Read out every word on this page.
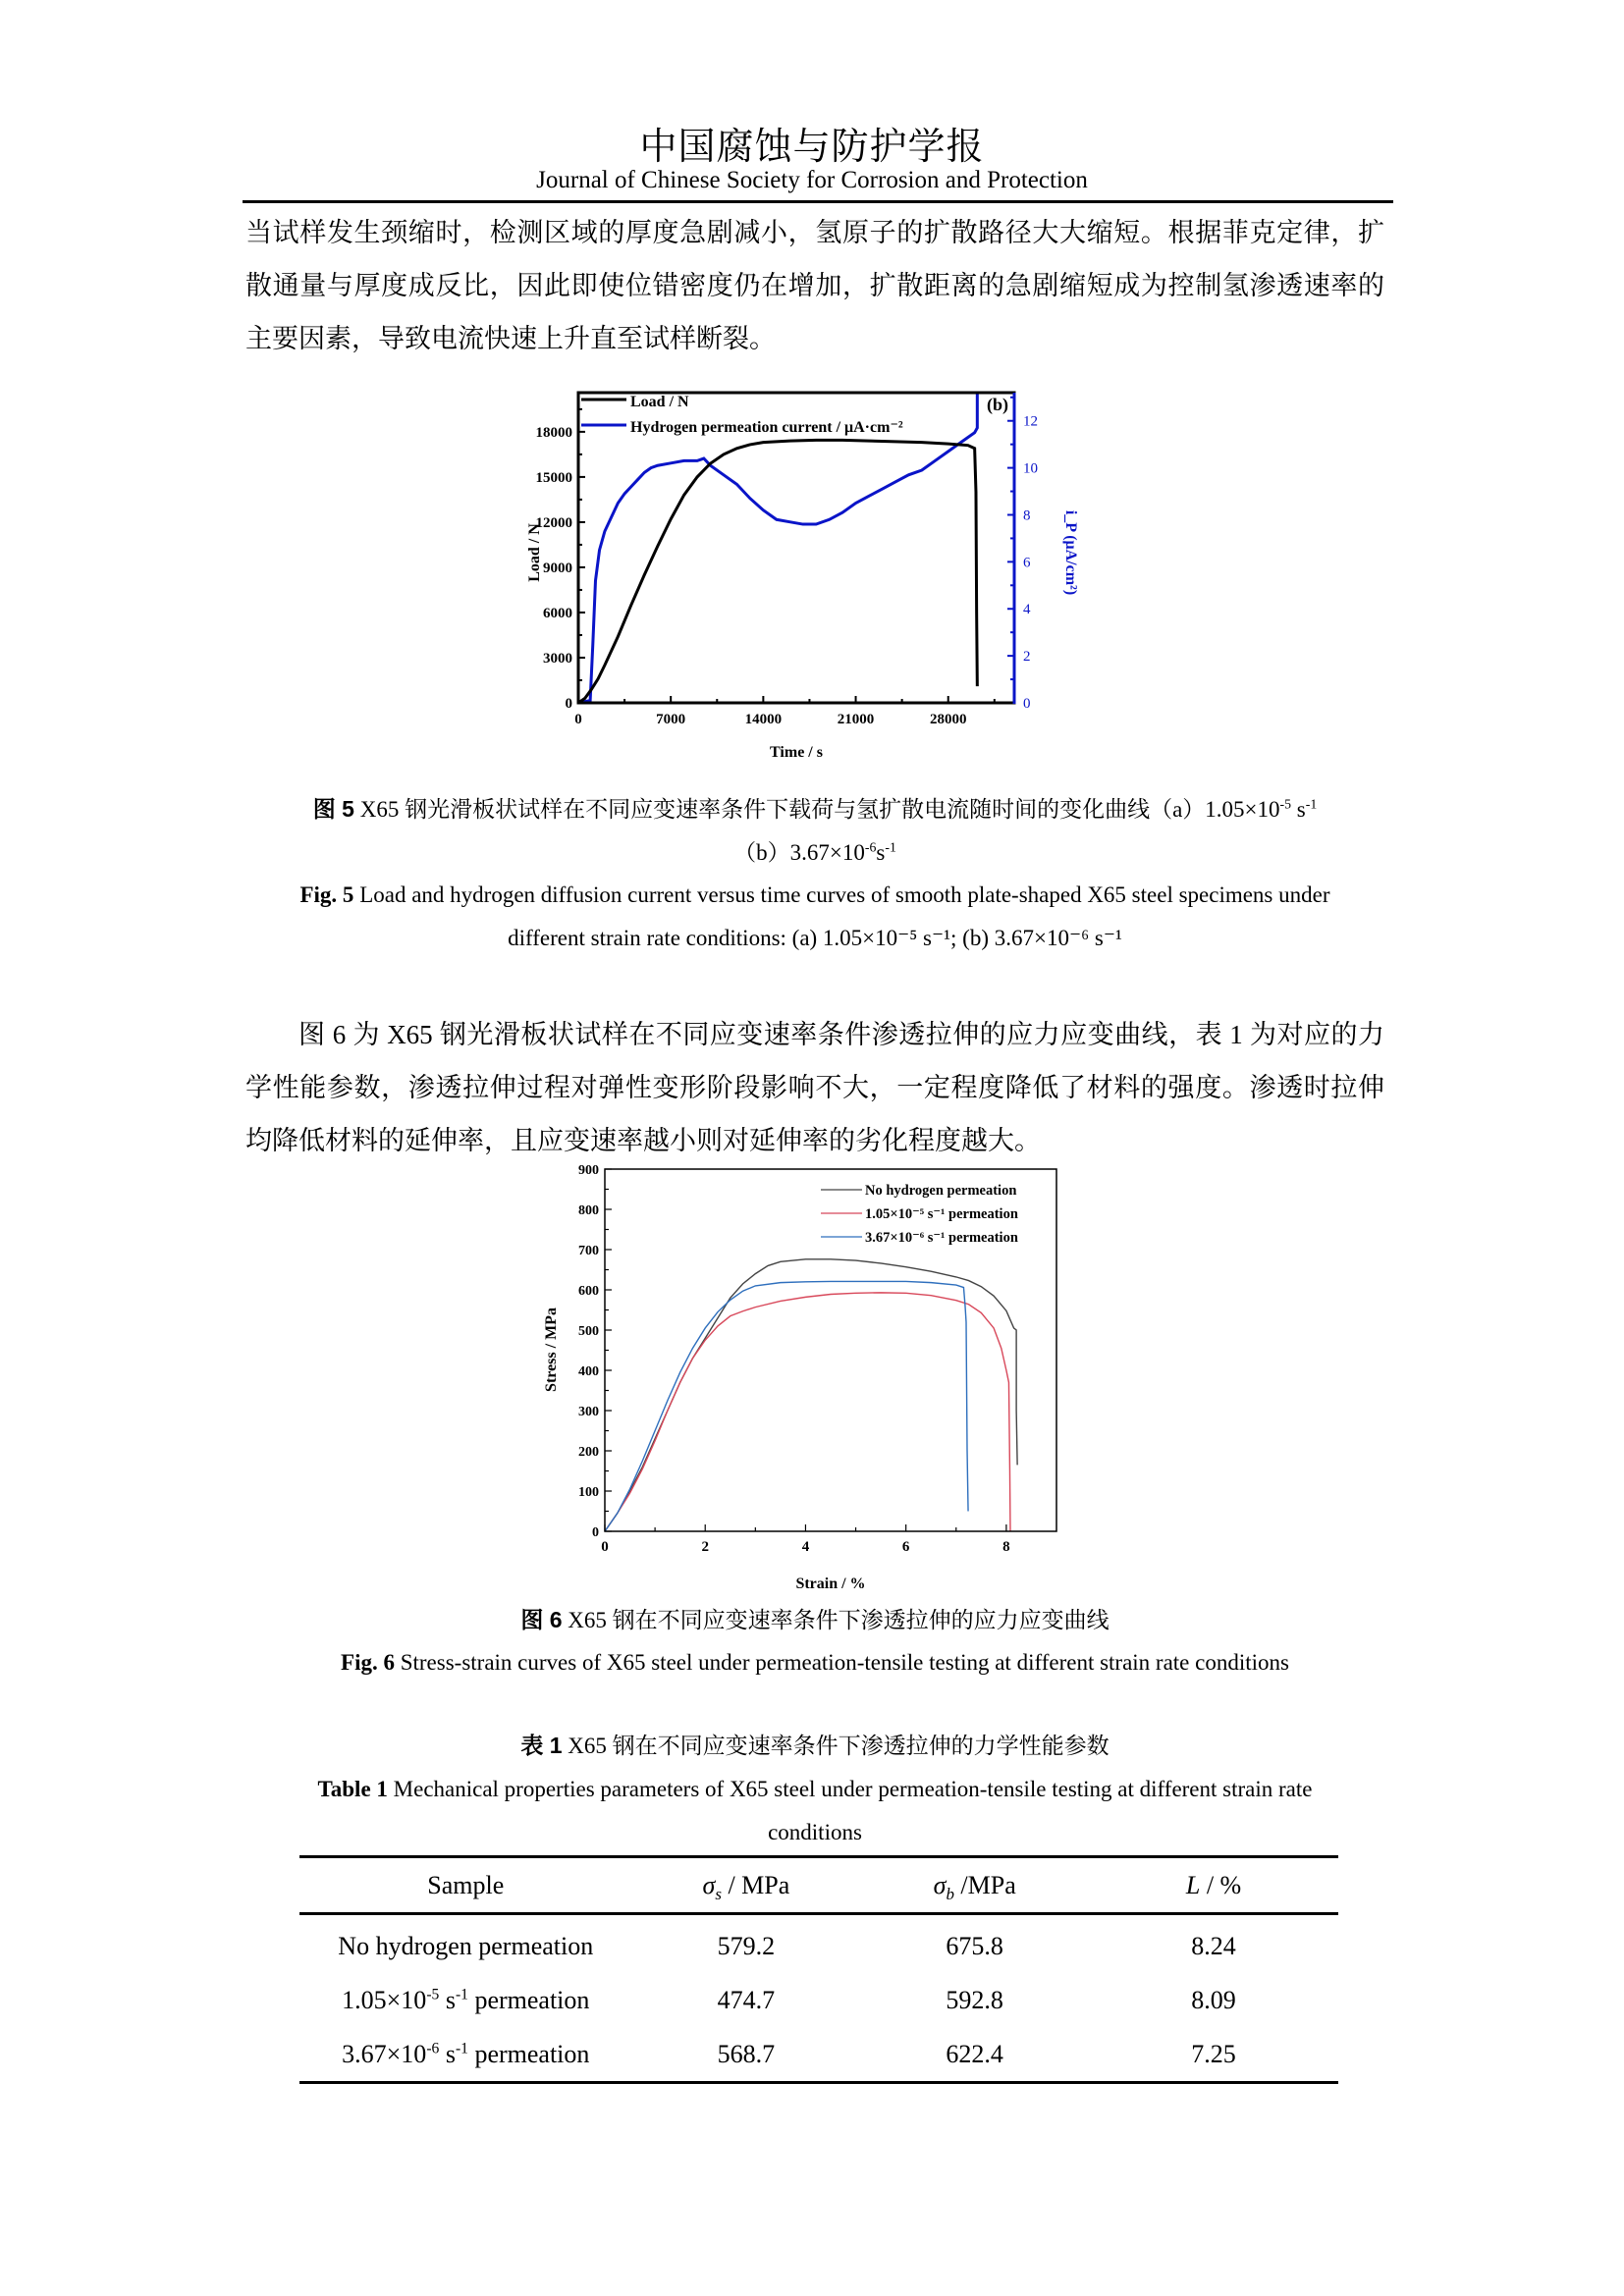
中国腐蚀与防护学报
Journal of Chinese Society for Corrosion and Protection
当试样发生颈缩时，检测区域的厚度急剧减小，氢原子的扩散路径大大缩短。根据菲克定律，扩散通量与厚度成反比，因此即使位错密度仍在增加，扩散距离的急剧缩短成为控制氢渗透速率的主要因素，导致电流快速上升直至试样断裂。
0	7000	14000	21000	28000
0
3000
6000
9000
12000
15000
18000
0
2
4
6
8
10
12
Load / N
Hydrogen permeation current / μA·cm⁻²
(b)
Time / s
Load / N	i_P (μA/cm²)
图 5 X65 钢光滑板状试样在不同应变速率条件下载荷与氢扩散电流随时间的变化曲线$(a)1.05\times 10^{-5}$ $s^{-1}$
$(b)3.67\times 10^{-6}s^{-1}$
Fig. 5 Load and hydrogen diffusion current versus time curves of smooth plate-shaped X65 steel specimens under
different strain rate conditions: (a) 1.05×10⁻⁵ s⁻¹; (b) 3.67×10⁻⁶ s⁻¹
图 6 为 X65 钢光滑板状试样在不同应变速率条件渗透拉伸的应力应变曲线，表 1 为对应的力学性能参数，渗透拉伸过程对弹性变形阶段影响不大，一定程度降低了材料的强度。渗透时拉伸均降低材料的延伸率，且应变速率越小则对延伸率的劣化程度越大。
0	2	4	6	8
0
100
200
300
400
500
600
700
800
900
No hydrogen permeation
1.05×10⁻⁵ s⁻¹ permeation
3.67×10⁻⁶ s⁻¹ permeation
Strain / %
Stress / MPa
图 6 X65 钢在不同应变速率条件下渗透拉伸的应力应变曲线
Fig. 6 Stress-strain curves of X65 steel under permeation-tensile testing at different strain rate conditions
表 1 X65 钢在不同应变速率条件下渗透拉伸的力学性能参数
Table 1 Mechanical properties parameters of X65 steel under permeation-tensile testing at different strain rate
conditions
Sample	$\sigma_s$ / MPa	$\sigma_b$ /MPa	L / %
No hydrogen permeation	579.2	675.8	8.24
$1.05\times 10^{-5}$ $s^{-1}$ permeation	474.7	592.8	8.09
$3.67\times 10^{-6}$ $s^{-1}$ permeation	568.7	622.4	7.25
